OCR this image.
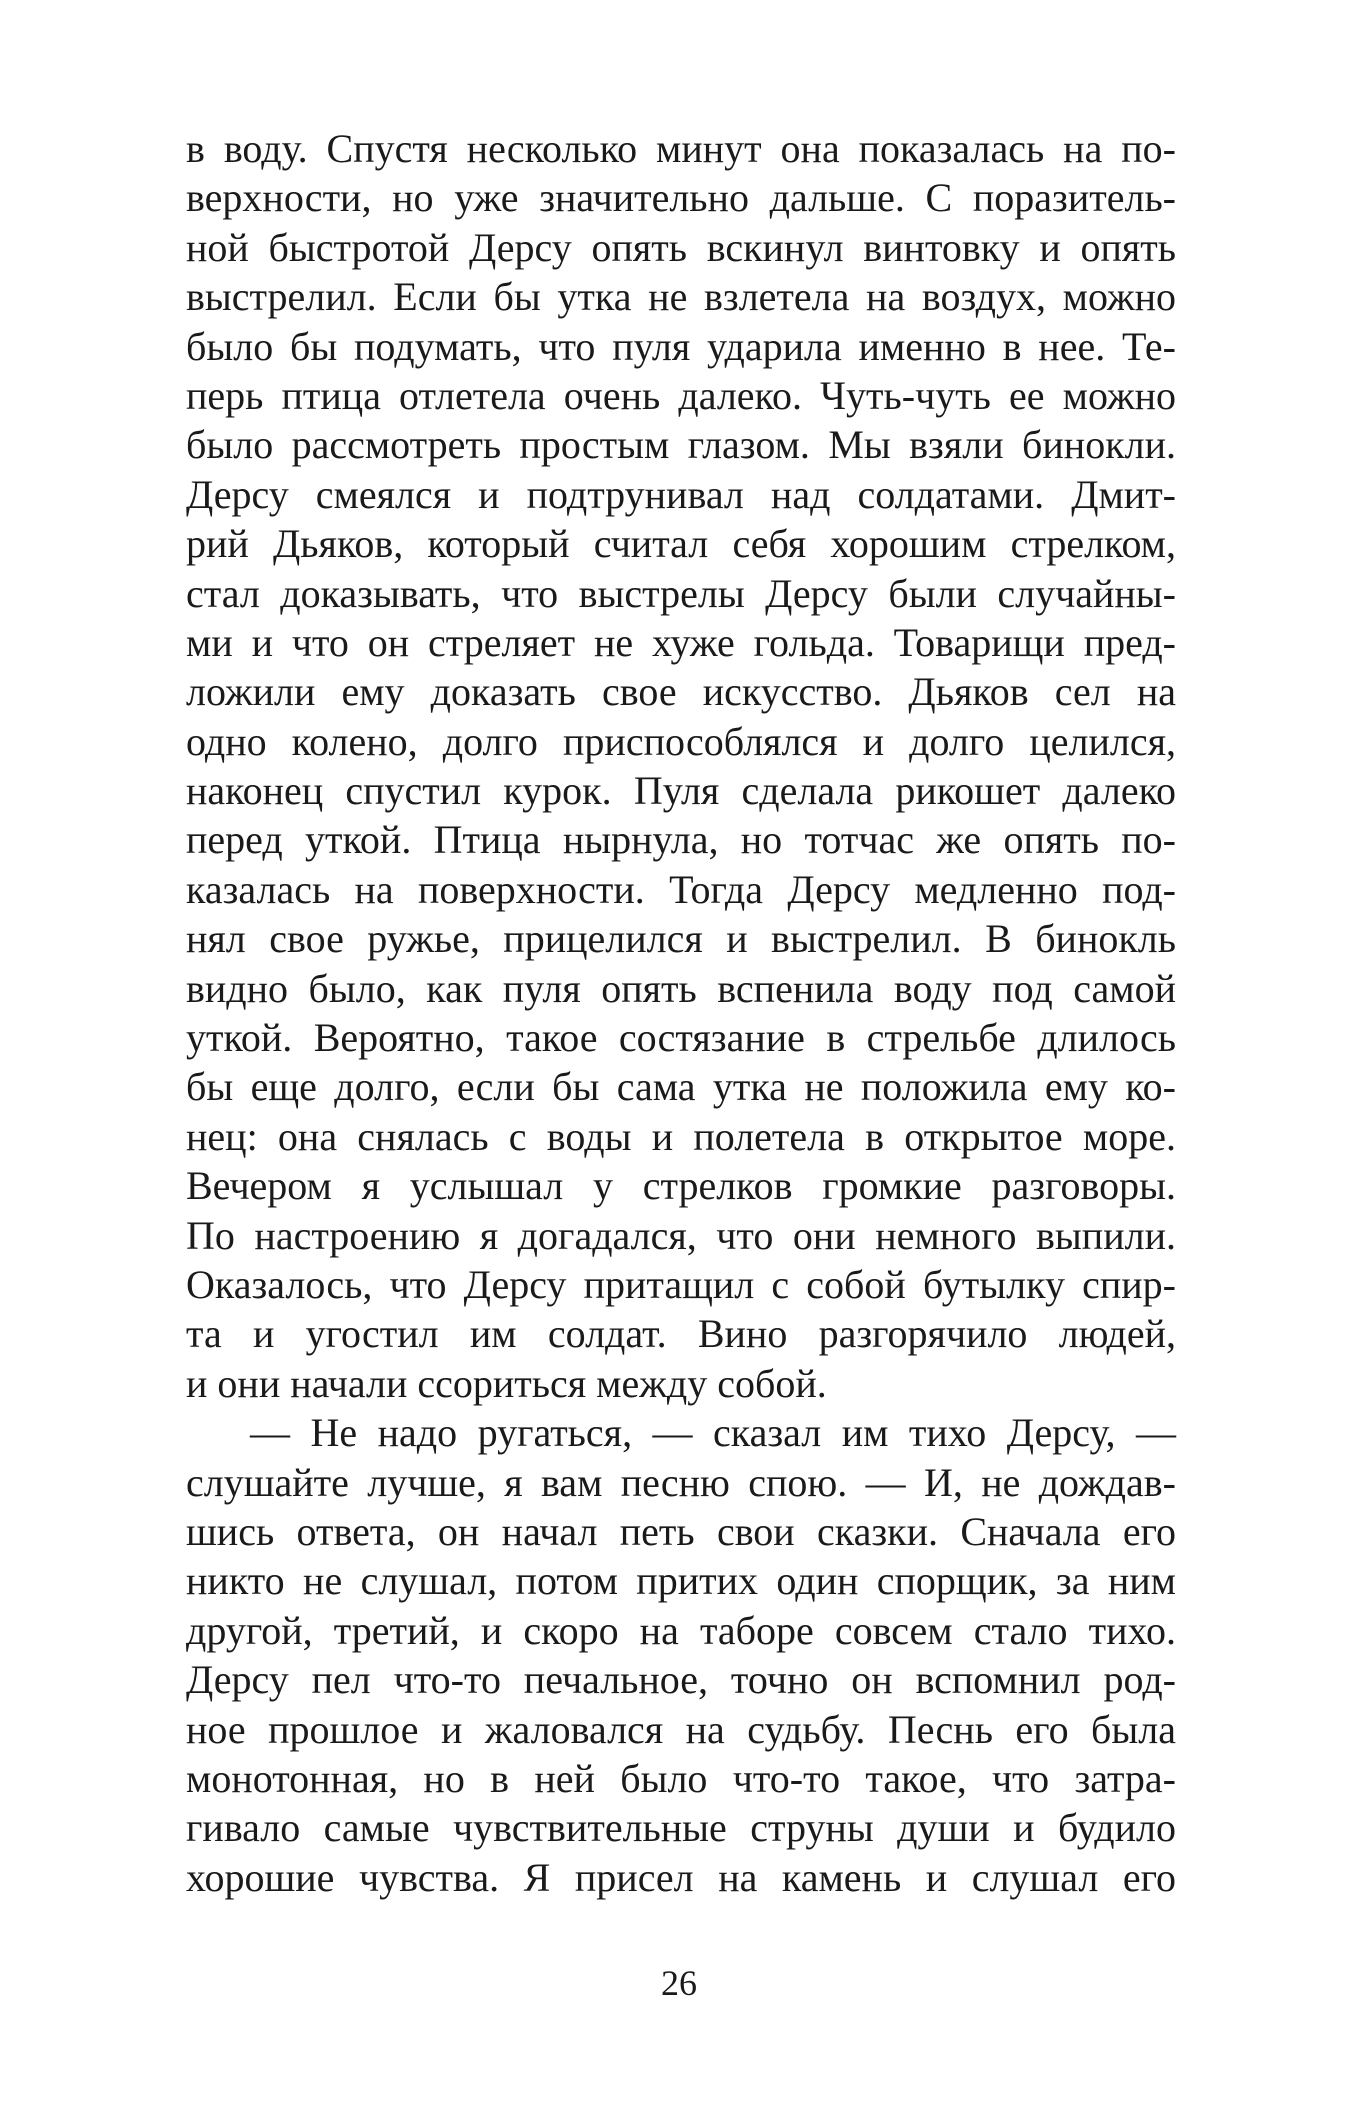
в воду. Спустя несколько минут она показалась на по-
верхности, но уже значительно дальше. С поразитель-
ной быстротой Дерсу опять вскинул винтовку и опять
выстрелил. Если бы утка не взлетела на воздух, можно
было бы подумать, что пуля ударила именно в нее. Те-
перь птица отлетела очень далеко. Чуть-чуть ее можно
было рассмотреть простым глазом. Мы взяли бинокли.
Дерсу смеялся и подтрунивал над солдатами. Дмит-
рий Дьяков, который считал себя хорошим стрелком,
стал доказывать, что выстрелы Дерсу были случайны-
ми и что он стреляет не хуже гольда. Товарищи пред-
ложили ему доказать свое искусство. Дьяков сел на
одно колено, долго приспособлялся и долго целился,
наконец спустил курок. Пуля сделала рикошет далеко
перед уткой. Птица нырнула, но тотчас же опять по-
казалась на поверхности. Тогда Дерсу медленно под-
нял свое ружье, прицелился и выстрелил. В бинокль
видно было, как пуля опять вспенила воду под самой
уткой. Вероятно, такое состязание в стрельбе длилось
бы еще долго, если бы сама утка не положила ему ко-
нец: она снялась с воды и полетела в открытое море.
Вечером я услышал у стрелков громкие разговоры.
По настроению я догадался, что они немного выпили.
Оказалось, что Дерсу притащил с собой бутылку спир-
та и угостил им солдат. Вино разгорячило людей,
и они начали ссориться между собой.
— Не надо ругаться, — сказал им тихо Дерсу, —
слушайте лучше, я вам песню спою. — И, не дождав-
шись ответа, он начал петь свои сказки. Сначала его
никто не слушал, потом притих один спорщик, за ним
другой, третий, и скоро на таборе совсем стало тихо.
Дерсу пел что-то печальное, точно он вспомнил род-
ное прошлое и жаловался на судьбу. Песнь его была
монотонная, но в ней было что-то такое, что затра-
гивало самые чувствительные струны души и будило
хорошие чувства. Я присел на камень и слушал его
26
